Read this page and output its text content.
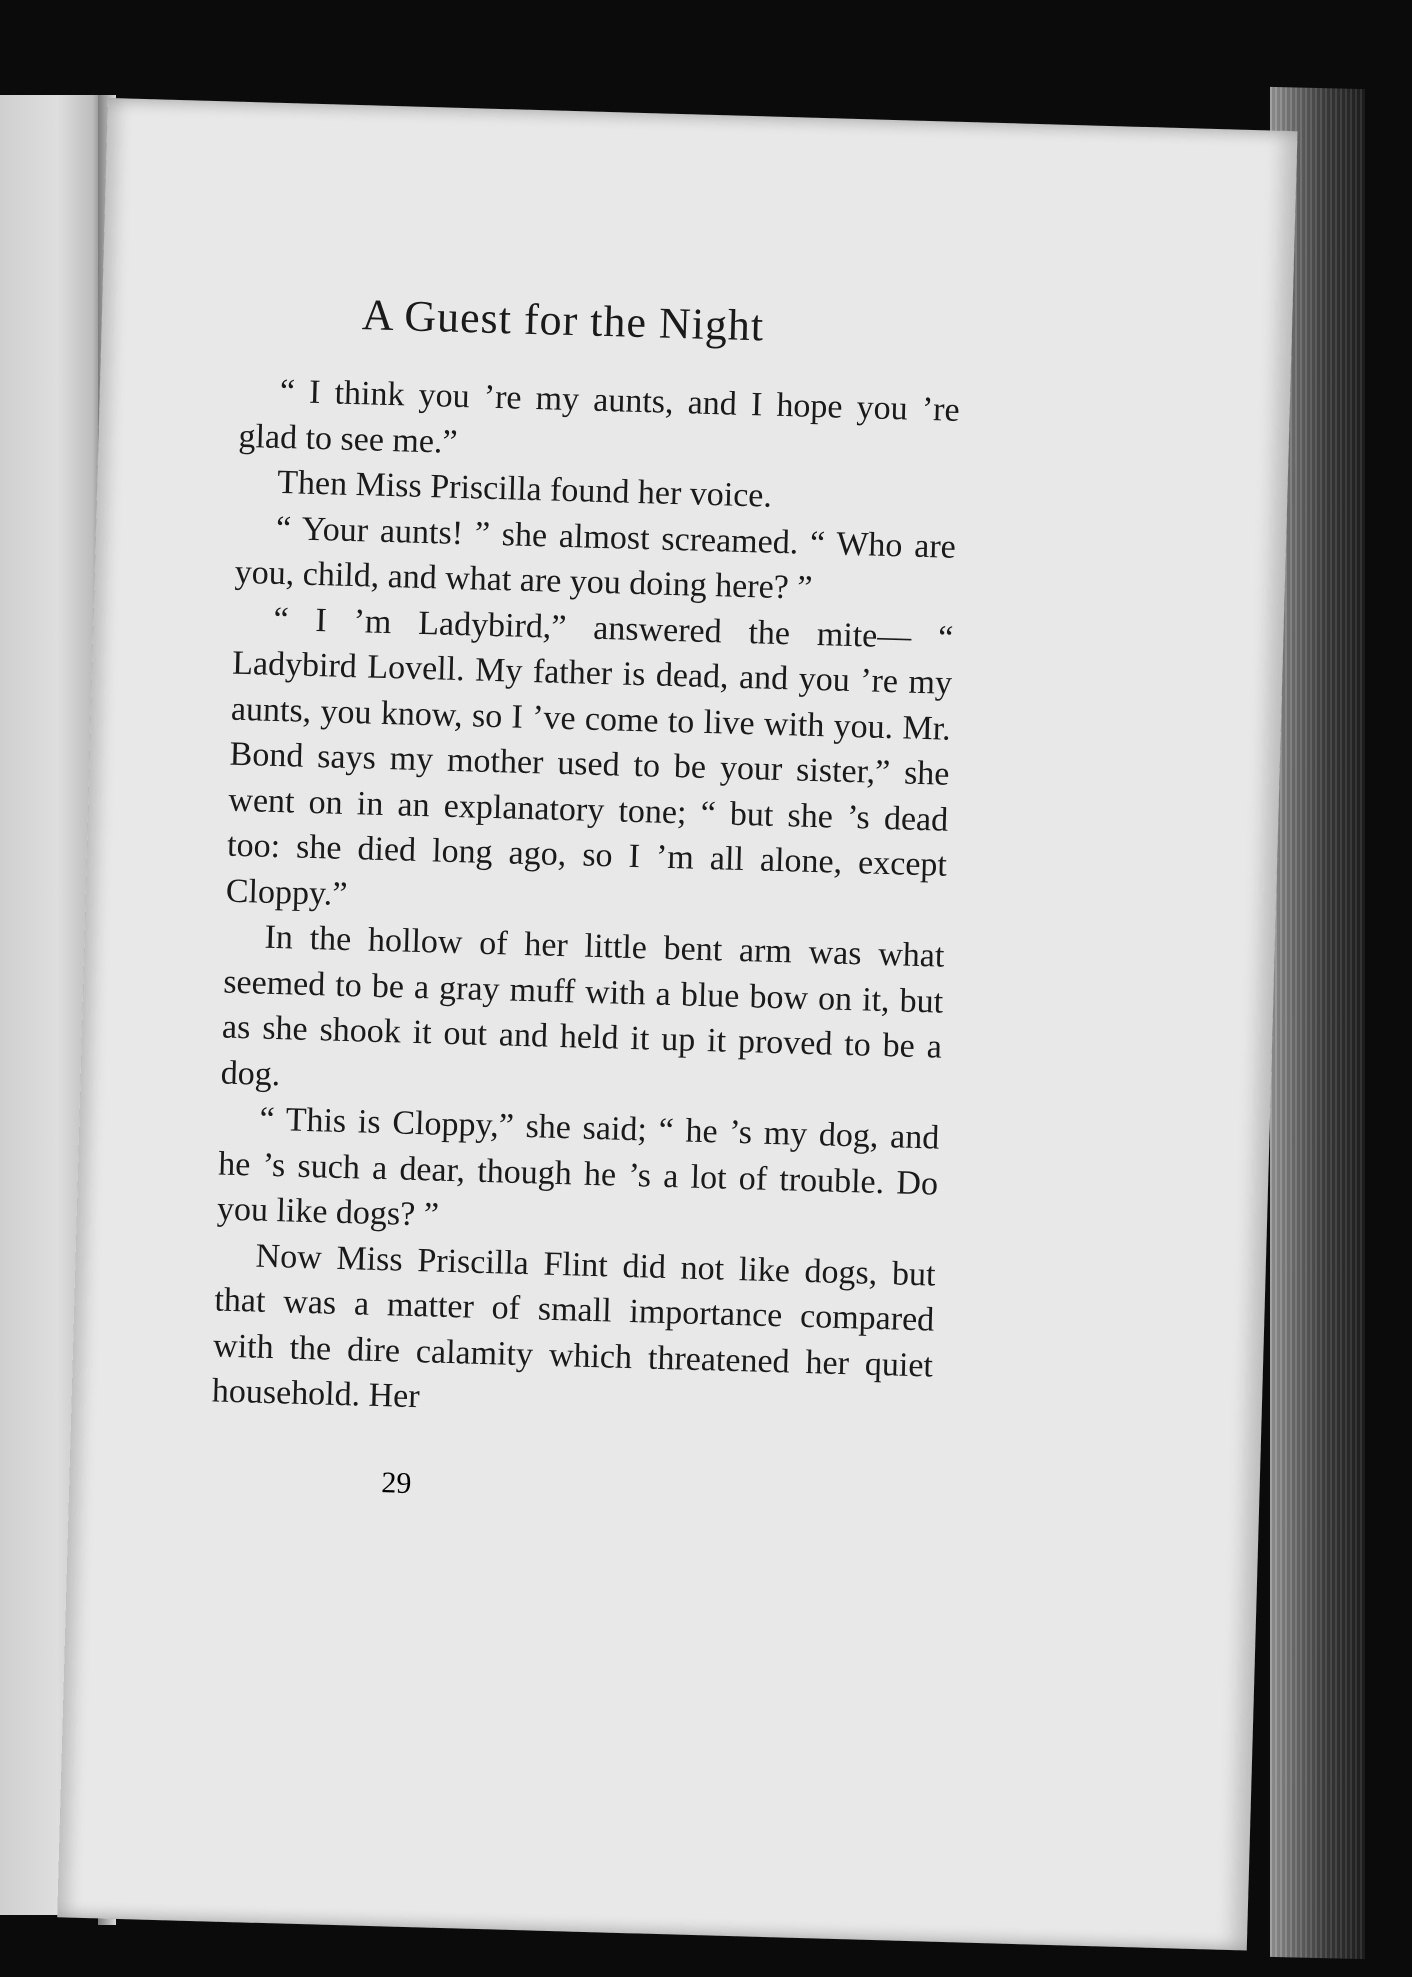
A Guest for the Night

“ I think you ’re my aunts, and I hope you ’re glad to see me.”

Then Miss Priscilla found her voice.

“ Your aunts! ” she almost screamed. “ Who are you, child, and what are you doing here? ”

“ I ’m Ladybird,” answered the mite— “ Ladybird Lovell. My father is dead, and you ’re my aunts, you know, so I ’ve come to live with you. Mr. Bond says my mother used to be your sister,” she went on in an explanatory tone; “ but she ’s dead too: she died long ago, so I ’m all alone, except Cloppy.”

In the hollow of her little bent arm was what seemed to be a gray muff with a blue bow on it, but as she shook it out and held it up it proved to be a dog.

“ This is Cloppy,” she said; “ he ’s my dog, and he ’s such a dear, though he ’s a lot of trouble. Do you like dogs? ”

Now Miss Priscilla Flint did not like dogs, but that was a matter of small importance compared with the dire calamity which threatened her quiet household. Her

29
